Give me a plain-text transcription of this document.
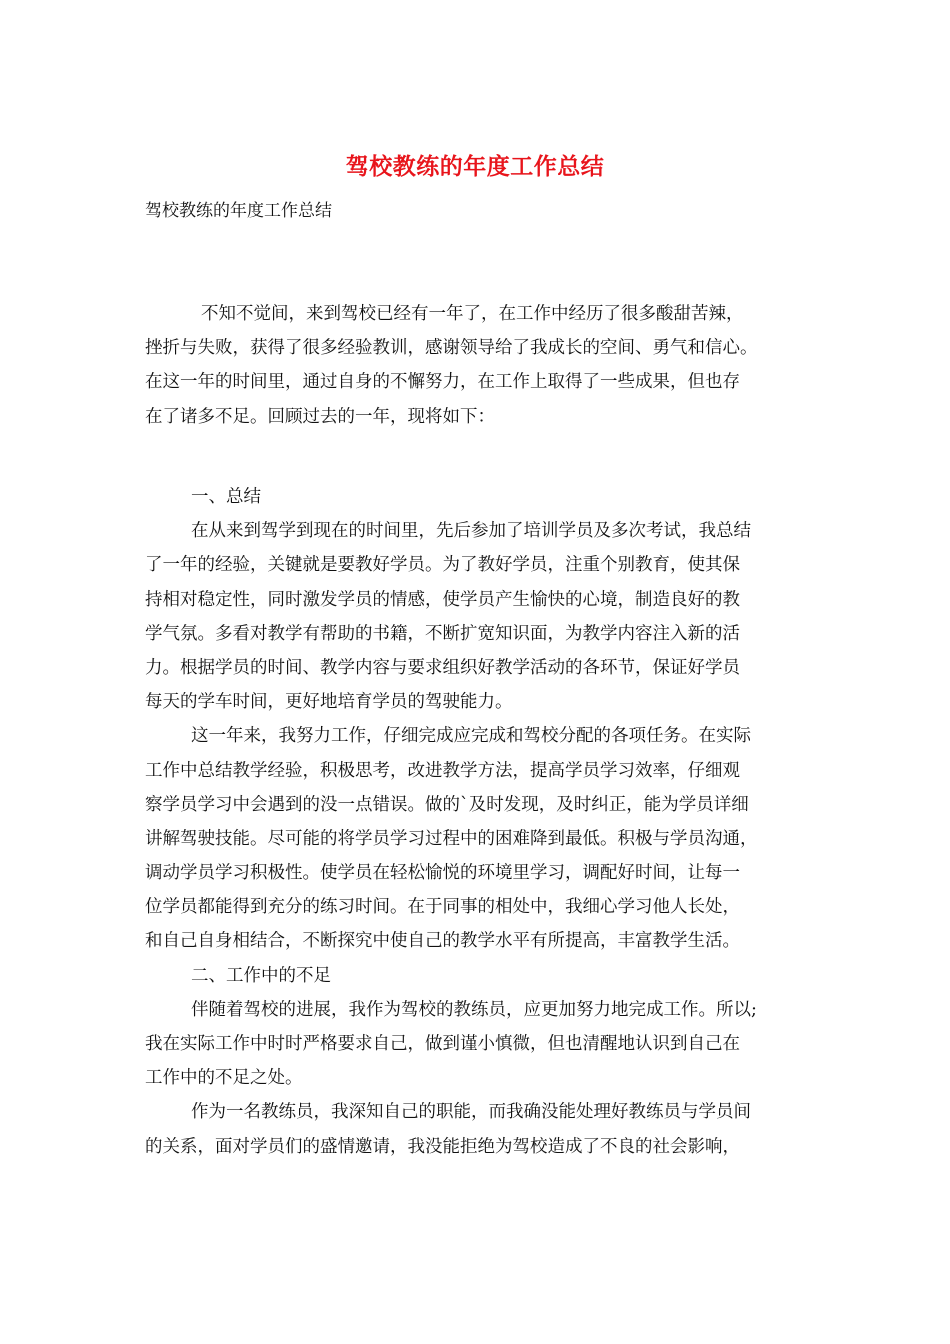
驾校教练的年度工作总结
驾校教练的年度工作总结
不知不觉间，来到驾校已经有一年了，在工作中经历了很多酸甜苦辣，
挫折与失败，获得了很多经验教训，感谢领导给了我成长的空间、勇气和信心。
在这一年的时间里，通过自身的不懈努力，在工作上取得了一些成果，但也存
在了诸多不足。回顾过去的一年，现将如下：
一、总结
在从来到驾学到现在的时间里，先后参加了培训学员及多次考试，我总结
了一年的经验，关键就是要教好学员。为了教好学员，注重个别教育，使其保
持相对稳定性，同时激发学员的情感，使学员产生愉快的心境，制造良好的教
学气氛。多看对教学有帮助的书籍，不断扩宽知识面，为教学内容注入新的活
力。根据学员的时间、教学内容与要求组织好教学活动的各环节，保证好学员
每天的学车时间，更好地培育学员的驾驶能力。
这一年来，我努力工作，仔细完成应完成和驾校分配的各项任务。在实际
工作中总结教学经验，积极思考，改进教学方法，提高学员学习效率，仔细观
察学员学习中会遇到的没一点错误。做的`及时发现，及时纠正，能为学员详细
讲解驾驶技能。尽可能的将学员学习过程中的困难降到最低。积极与学员沟通，
调动学员学习积极性。使学员在轻松愉悦的环境里学习，调配好时间，让每一
位学员都能得到充分的练习时间。在于同事的相处中，我细心学习他人长处，
和自己自身相结合，不断探究中使自己的教学水平有所提高，丰富教学生活。
二、工作中的不足
伴随着驾校的进展，我作为驾校的教练员，应更加努力地完成工作。所以;
我在实际工作中时时严格要求自己，做到谨小慎微，但也清醒地认识到自己在
工作中的不足之处。
作为一名教练员，我深知自己的职能，而我确没能处理好教练员与学员间
的关系，面对学员们的盛情邀请，我没能拒绝为驾校造成了不良的社会影响，
